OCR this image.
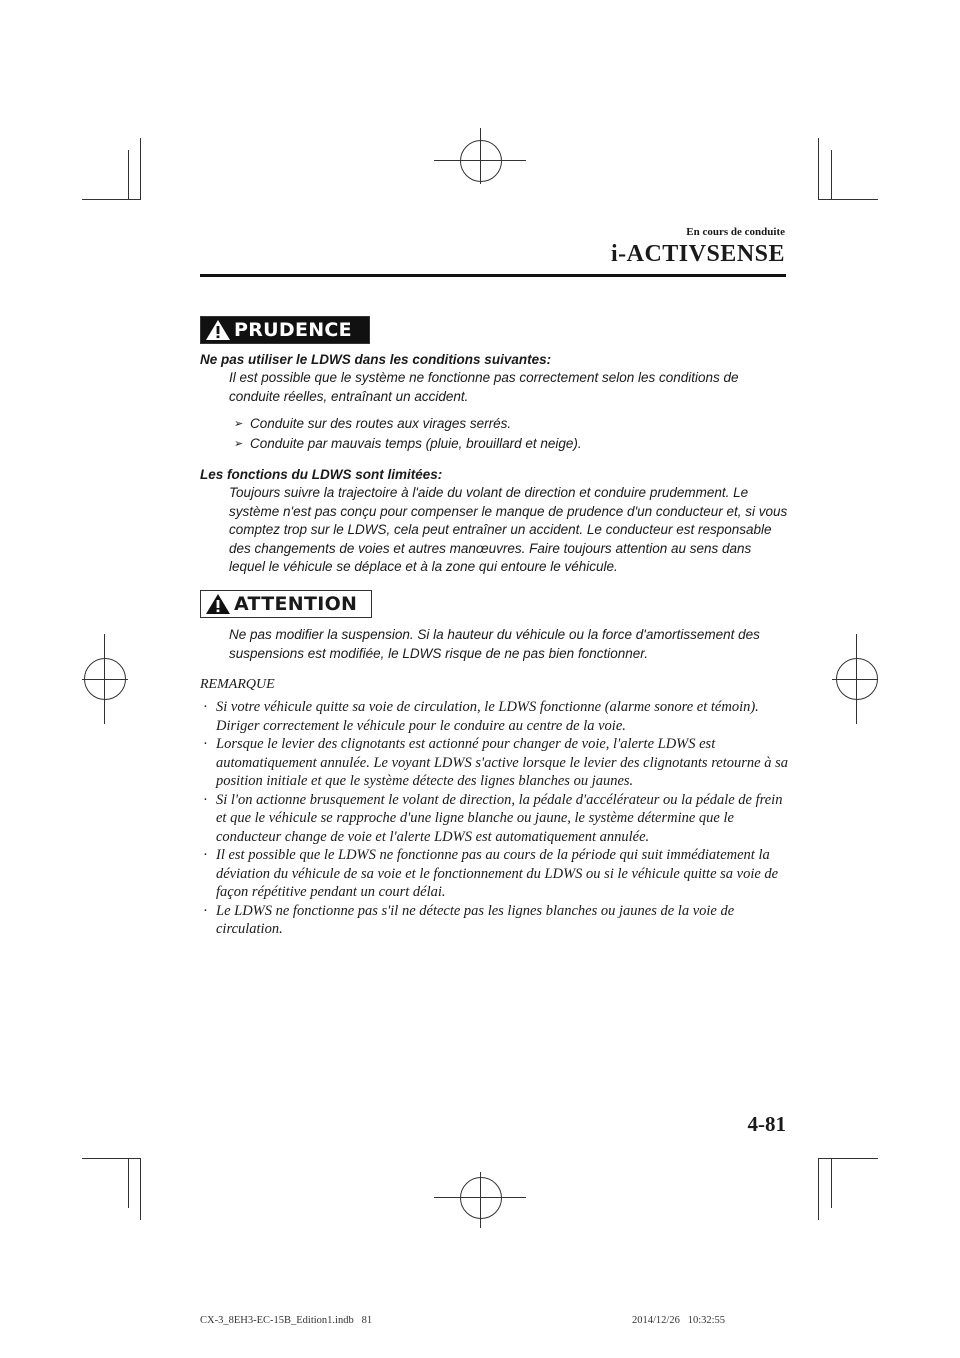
En cours de conduite
i-ACTIVSENSE
PRUDENCE
Ne pas utiliser le LDWS dans les conditions suivantes:
Il est possible que le système ne fonctionne pas correctement selon les conditions de conduite réelles, entraînant un accident.
➢ Conduite sur des routes aux virages serrés.
➢ Conduite par mauvais temps (pluie, brouillard et neige).
Les fonctions du LDWS sont limitées:
Toujours suivre la trajectoire à l'aide du volant de direction et conduire prudemment. Le système n'est pas conçu pour compenser le manque de prudence d'un conducteur et, si vous comptez trop sur le LDWS, cela peut entraîner un accident. Le conducteur est responsable des changements de voies et autres manœuvres. Faire toujours attention au sens dans lequel le véhicule se déplace et à la zone qui entoure le véhicule.
ATTENTION
Ne pas modifier la suspension. Si la hauteur du véhicule ou la force d'amortissement des suspensions est modifiée, le LDWS risque de ne pas bien fonctionner.
REMARQUE
· Si votre véhicule quitte sa voie de circulation, le LDWS fonctionne (alarme sonore et témoin). Diriger correctement le véhicule pour le conduire au centre de la voie.
· Lorsque le levier des clignotants est actionné pour changer de voie, l'alerte LDWS est automatiquement annulée. Le voyant LDWS s'active lorsque le levier des clignotants retourne à sa position initiale et que le système détecte des lignes blanches ou jaunes.
· Si l'on actionne brusquement le volant de direction, la pédale d'accélérateur ou la pédale de frein et que le véhicule se rapproche d'une ligne blanche ou jaune, le système détermine que le conducteur change de voie et l'alerte LDWS est automatiquement annulée.
· Il est possible que le LDWS ne fonctionne pas au cours de la période qui suit immédiatement la déviation du véhicule de sa voie et le fonctionnement du LDWS ou si le véhicule quitte sa voie de façon répétitive pendant un court délai.
· Le LDWS ne fonctionne pas s'il ne détecte pas les lignes blanches ou jaunes de la voie de circulation.
4-81
CX-3_8EH3-EC-15B_Edition1.indb   81	2014/12/26   10:32:55
